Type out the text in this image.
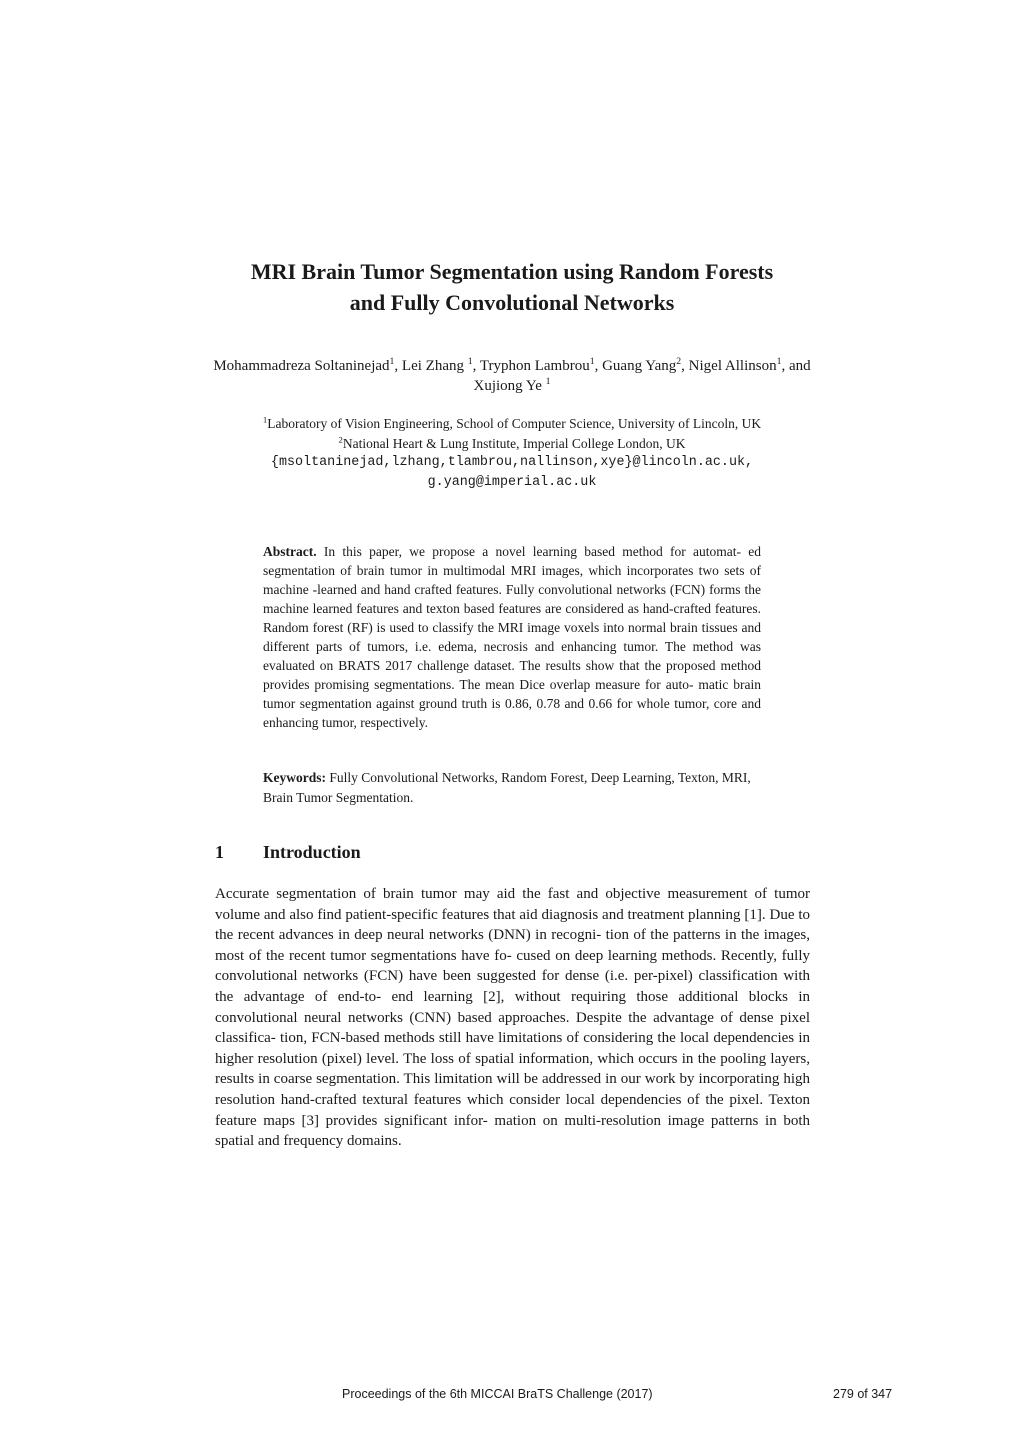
MRI Brain Tumor Segmentation using Random Forests
and Fully Convolutional Networks

Mohammadreza Soltaninejad$^1$, Lei Zhang $^1$, Tryphon Lambrou$^1$, Guang Yang$^2$, Nigel Allinson$^1$, and Xujiong Ye $^1$

$^1$Laboratory of Vision Engineering, School of Computer Science, University of Lincoln, UK
$^2$National Heart & Lung Institute, Imperial College London, UK
{msoltaninejad,lzhang,tlambrou,nallinson,xye}@lincoln.ac.uk,
g.yang@imperial.ac.uk

Abstract. In this paper, we propose a novel learning based method for automat- ed segmentation of brain tumor in multimodal MRI images, which incorporates two sets of machine -learned and hand crafted features. Fully convolutional networks (FCN) forms the machine learned features and texton based features are considered as hand-crafted features. Random forest (RF) is used to classify the MRI image voxels into normal brain tissues and different parts of tumors, i.e. edema, necrosis and enhancing tumor. The method was evaluated on BRATS 2017 challenge dataset. The results show that the proposed method provides promising segmentations. The mean Dice overlap measure for auto- matic brain tumor segmentation against ground truth is 0.86, 0.78 and 0.66 for whole tumor, core and enhancing tumor, respectively.

Keywords: Fully Convolutional Networks, Random Forest, Deep Learning, Texton, MRI, Brain Tumor Segmentation.

1 Introduction

Accurate segmentation of brain tumor may aid the fast and objective measurement of tumor volume and also find patient-specific features that aid diagnosis and treatment planning [1]. Due to the recent advances in deep neural networks (DNN) in recogni- tion of the patterns in the images, most of the recent tumor segmentations have fo- cused on deep learning methods. Recently, fully convolutional networks (FCN) have been suggested for dense (i.e. per-pixel) classification with the advantage of end-to- end learning [2], without requiring those additional blocks in convolutional neural networks (CNN) based approaches. Despite the advantage of dense pixel classifica- tion, FCN-based methods still have limitations of considering the local dependencies in higher resolution (pixel) level. The loss of spatial information, which occurs in the pooling layers, results in coarse segmentation. This limitation will be addressed in our work by incorporating high resolution hand-crafted textural features which consider local dependencies of the pixel. Texton feature maps [3] provides significant infor- mation on multi-resolution image patterns in both spatial and frequency domains.

Proceedings of the 6th MICCAI BraTS Challenge (2017)	279 of 347
